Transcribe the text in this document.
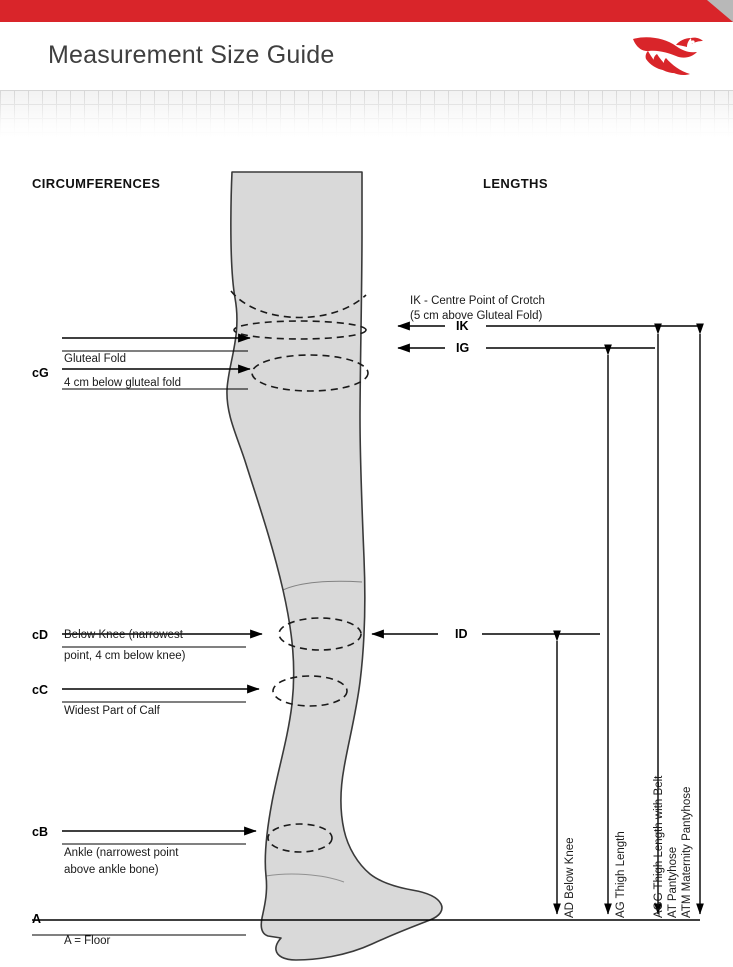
Measurement Size Guide
CIRCUMFERENCES	LENGTHS
cG
Gluteal Fold
4 cm below gluteal fold
cD Below Knee (narrowest
point, 4 cm below knee)
cC
Widest Part of Calf
cB
Ankle (narrowest point
above ankle bone)
A
A = Floor
IK - Centre Point of Crotch
(5 cm above Gluteal Fold)
IK
IG
ID
AD Below Knee	AG Thigh Length AGG Thigh Length with Belt AT Pantyhose ATM Maternity Pantyhose
